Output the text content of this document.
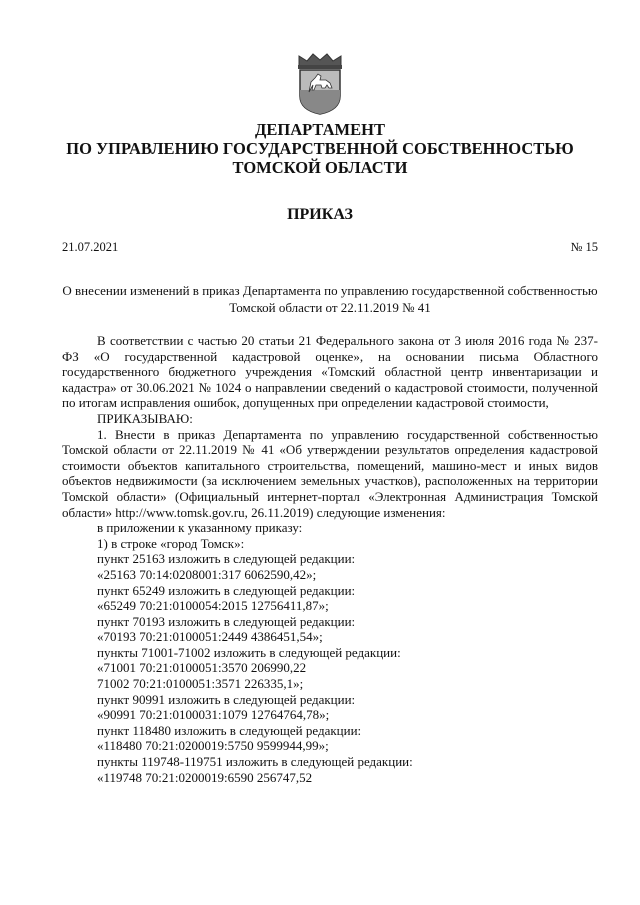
ДЕПАРТАМЕНТ
ПО УПРАВЛЕНИЮ ГОСУДАРСТВЕННОЙ СОБСТВЕННОСТЬЮ
ТОМСКОЙ ОБЛАСТИ
ПРИКАЗ
21.07.2021	№ 15
О внесении изменений в приказ Департамента по управлению государственной собственностью Томской области от 22.11.2019 № 41

В соответствии с частью 20 статьи 21 Федерального закона от 3 июля 2016 года № 237-ФЗ «О государственной кадастровой оценке», на основании письма Областного государственного бюджетного учреждения «Томский областной центр инвентаризации и кадастра» от 30.06.2021 № 1024 о направлении сведений о кадастровой стоимости, полученной по итогам исправления ошибок, допущенных при определении кадастровой стоимости,

ПРИКАЗЫВАЮ:

1. Внести в приказ Департамента по управлению государственной собственностью Томской области от 22.11.2019 № 41 «Об утверждении результатов определения кадастровой стоимости объектов капитального строительства, помещений, машино-мест и иных видов объектов недвижимости (за исключением земельных участков), расположенных на территории Томской области» (Официальный интернет-портал «Электронная Администрация Томской области» http://www.tomsk.gov.ru, 26.11.2019) следующие изменения:

в приложении к указанному приказу:

1) в строке «город Томск»:

пункт 25163 изложить в следующей редакции:

«25163 70:14:0208001:317 6062590,42»;

пункт 65249 изложить в следующей редакции:

«65249 70:21:0100054:2015 12756411,87»;

пункт 70193 изложить в следующей редакции:

«70193 70:21:0100051:2449 4386451,54»;

пункты 71001-71002 изложить в следующей редакции:

«71001 70:21:0100051:3570 206990,22

71002 70:21:0100051:3571 226335,1»;

пункт 90991 изложить в следующей редакции:

«90991 70:21:0100031:1079 12764764,78»;

пункт 118480 изложить в следующей редакции:

«118480 70:21:0200019:5750 9599944,99»;

пункты 119748-119751 изложить в следующей редакции:

«119748 70:21:0200019:6590 256747,52
